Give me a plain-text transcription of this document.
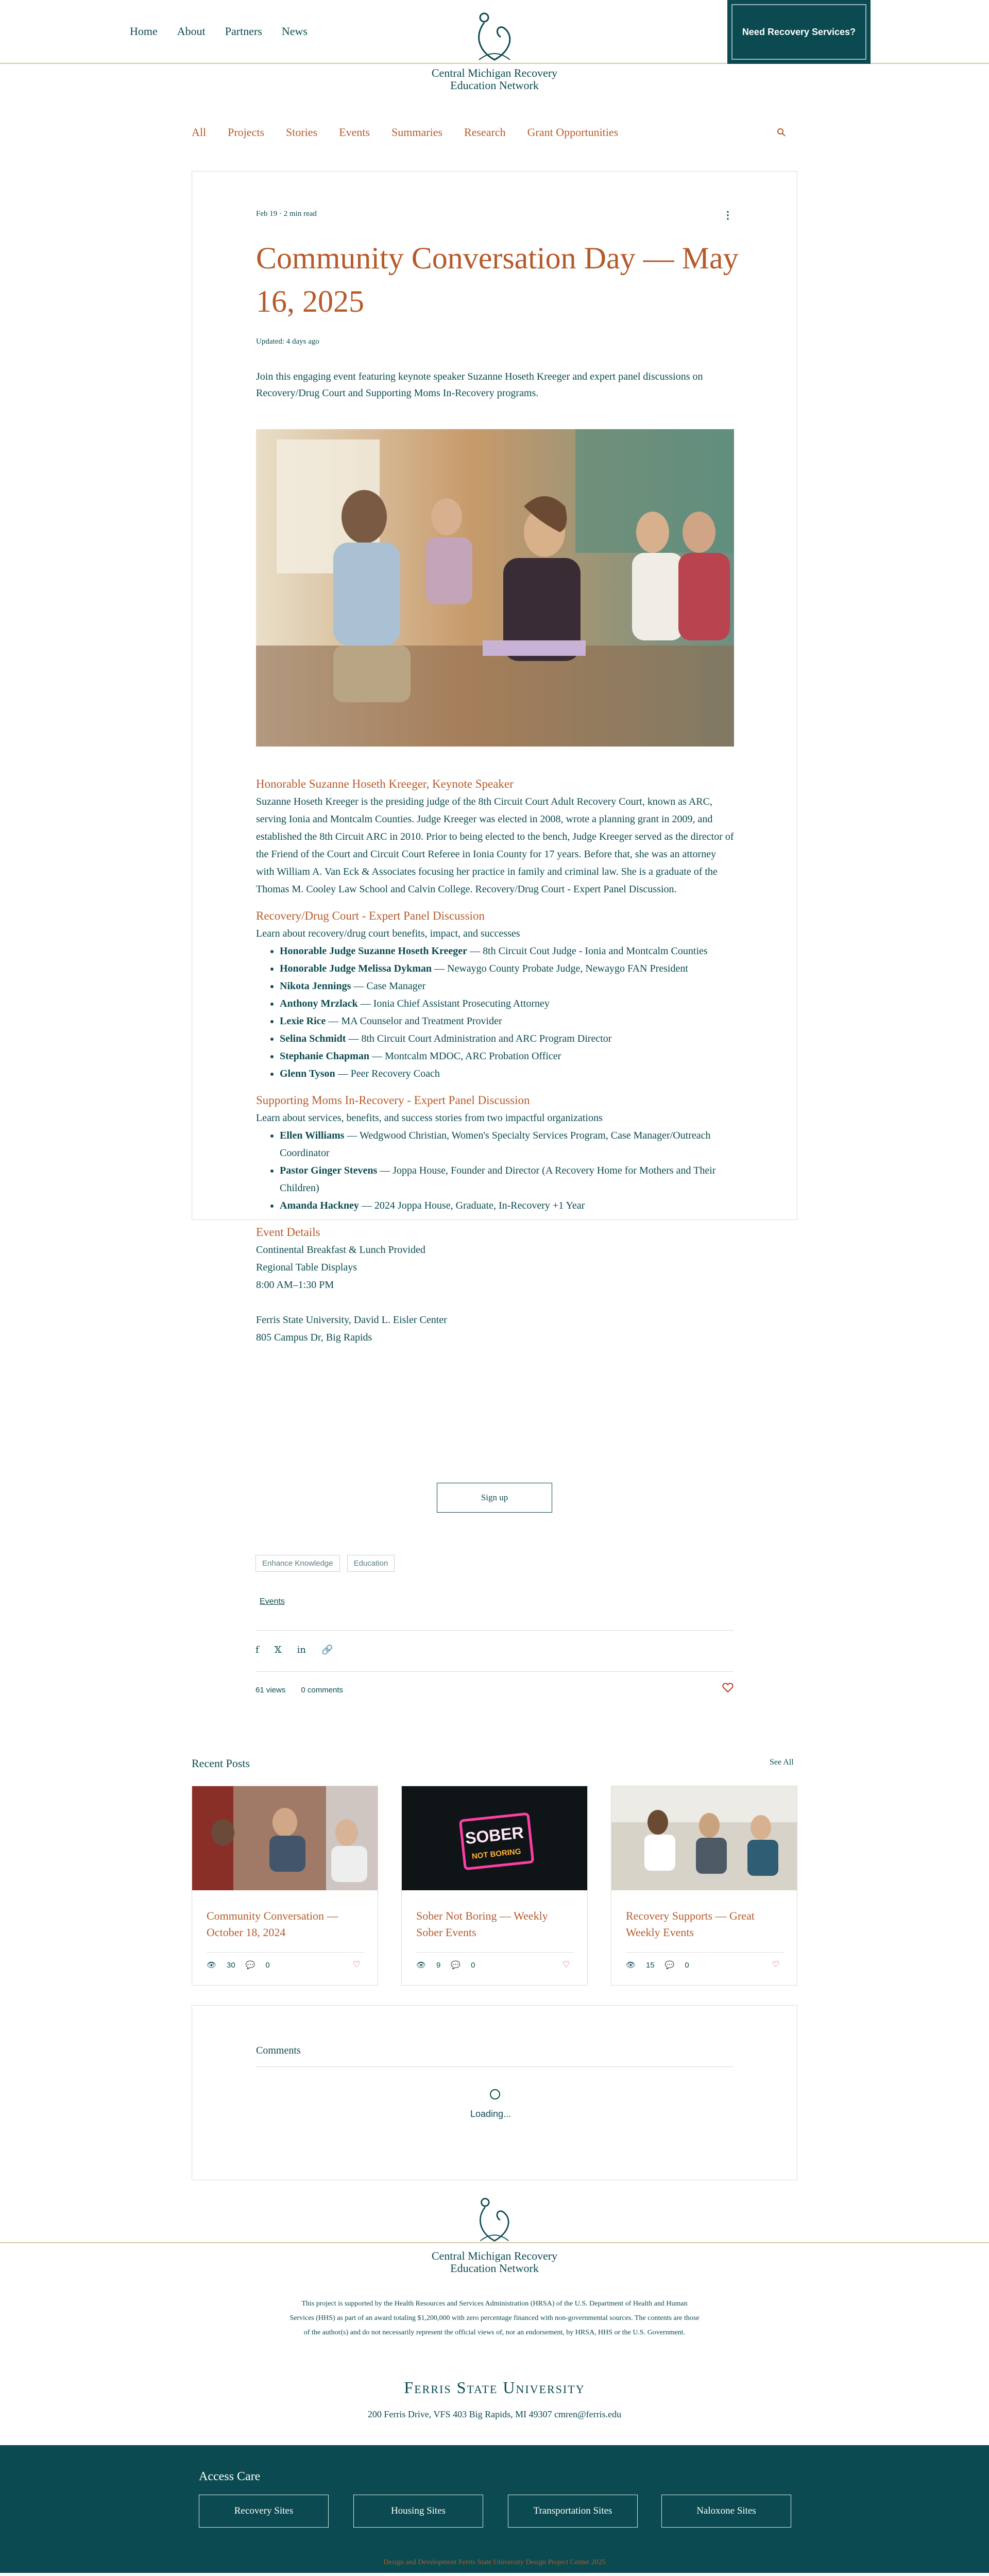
Home About Partners News
Central Michigan Recovery
Education Network
Need Recovery Services?
All Projects Stories Events Summaries Research Grant Opportunities
Feb 19 · 2 min read	⋮
Community Conversation Day — May 16, 2025
Updated: 4 days ago

Join this engaging event featuring keynote speaker Suzanne Hoseth Kreeger and expert panel discussions on Recovery/Drug Court and Supporting Moms In-Recovery programs.

Honorable Suzanne Hoseth Kreeger, Keynote Speaker

Suzanne Hoseth Kreeger is the presiding judge of the 8th Circuit Court Adult Recovery Court, known as ARC, serving Ionia and Montcalm Counties. Judge Kreeger was elected in 2008, wrote a planning grant in 2009, and established the 8th Circuit ARC in 2010. Prior to being elected to the bench, Judge Kreeger served as the director of the Friend of the Court and Circuit Court Referee in Ionia County for 17 years. Before that, she was an attorney with William A. Van Eck & Associates focusing her practice in family and criminal law. She is a graduate of the Thomas M. Cooley Law School and Calvin College. Recovery/Drug Court - Expert Panel Discussion.

Recovery/Drug Court - Expert Panel Discussion

Learn about recovery/drug court benefits, impact, and successes

• Honorable Judge Suzanne Hoseth Kreeger — 8th Circuit Cout Judge - Ionia and Montcalm Counties
• Honorable Judge Melissa Dykman — Newaygo County Probate Judge, Newaygo FAN President
• Nikota Jennings — Case Manager
• Anthony Mrzlack — Ionia Chief Assistant Prosecuting Attorney
• Lexie Rice — MA Counselor and Treatment Provider
• Selina Schmidt — 8th Circuit Court Administration and ARC Program Director
• Stephanie Chapman — Montcalm MDOC, ARC Probation Officer
• Glenn Tyson — Peer Recovery Coach
Supporting Moms In-Recovery - Expert Panel Discussion

Learn about services, benefits, and success stories from two impactful organizations

• Ellen Williams — Wedgwood Christian, Women's Specialty Services Program, Case Manager/Outreach Coordinator
• Pastor Ginger Stevens — Joppa House, Founder and Director (A Recovery Home for Mothers and Their Children)
• Amanda Hackney — 2024 Joppa House, Graduate, In-Recovery +1 Year
Event Details

Continental Breakfast & Lunch Provided

Regional Table Displays

8:00 AM–1:30 PM

Ferris State University, David L. Eisler Center

805 Campus Dr, Big Rapids

Sign up
Enhance Knowledge	Education
Events
f 𝕏 in 🔗
61 views 0 comments
Recent Posts	See All
Community Conversation — October 18, 2024
👁 30 💬 0	♡
SOBER
NOT BORING
Sober Not Boring — Weekly Sober Events
👁 9 💬 0	♡
Recovery Supports — Great Weekly Events
👁 15 💬 0	♡
Comments
Loading...
Central Michigan Recovery
Education Network

This project is supported by the Health Resources and Services Administration (HRSA) of the U.S. Department of Health and Human Services (HHS) as part of an award totaling $1,200,000 with zero percentage financed with non-governmental sources. The contents are those of the author(s) and do not necessarily represent the official views of, nor an endorsement, by HRSA, HHS or the U.S. Government.

Ferris State University
200 Ferris Drive, VFS 403 Big Rapids, MI 49307 cmren@ferris.edu
Access Care
Recovery Sites	Housing Sites	Transportation Sites	Naloxone Sites
Design and Development Ferris State University Design Project Center 2025
